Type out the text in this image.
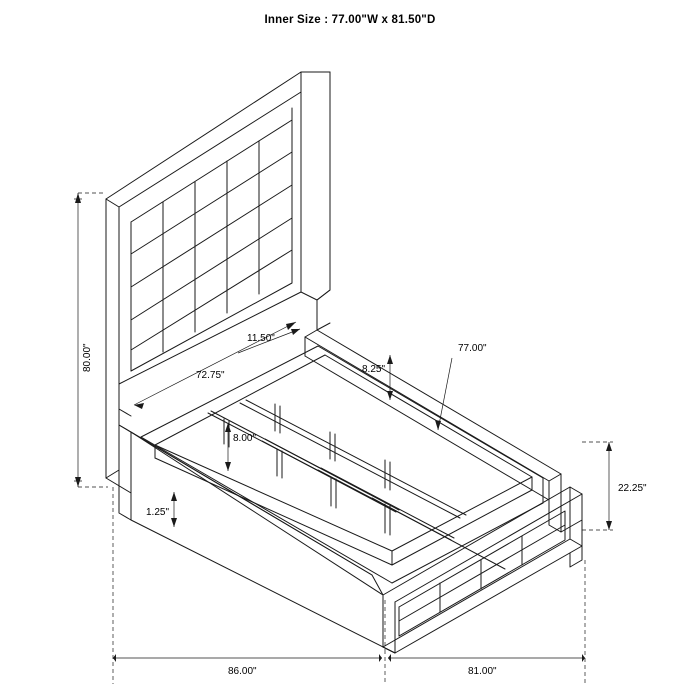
Inner Size : 77.00"W x 81.50"D
80.00"
11.50"
72.75"
8.25"
77.00"
8.00"
1.25"
22.25"
86.00"	81.00"
